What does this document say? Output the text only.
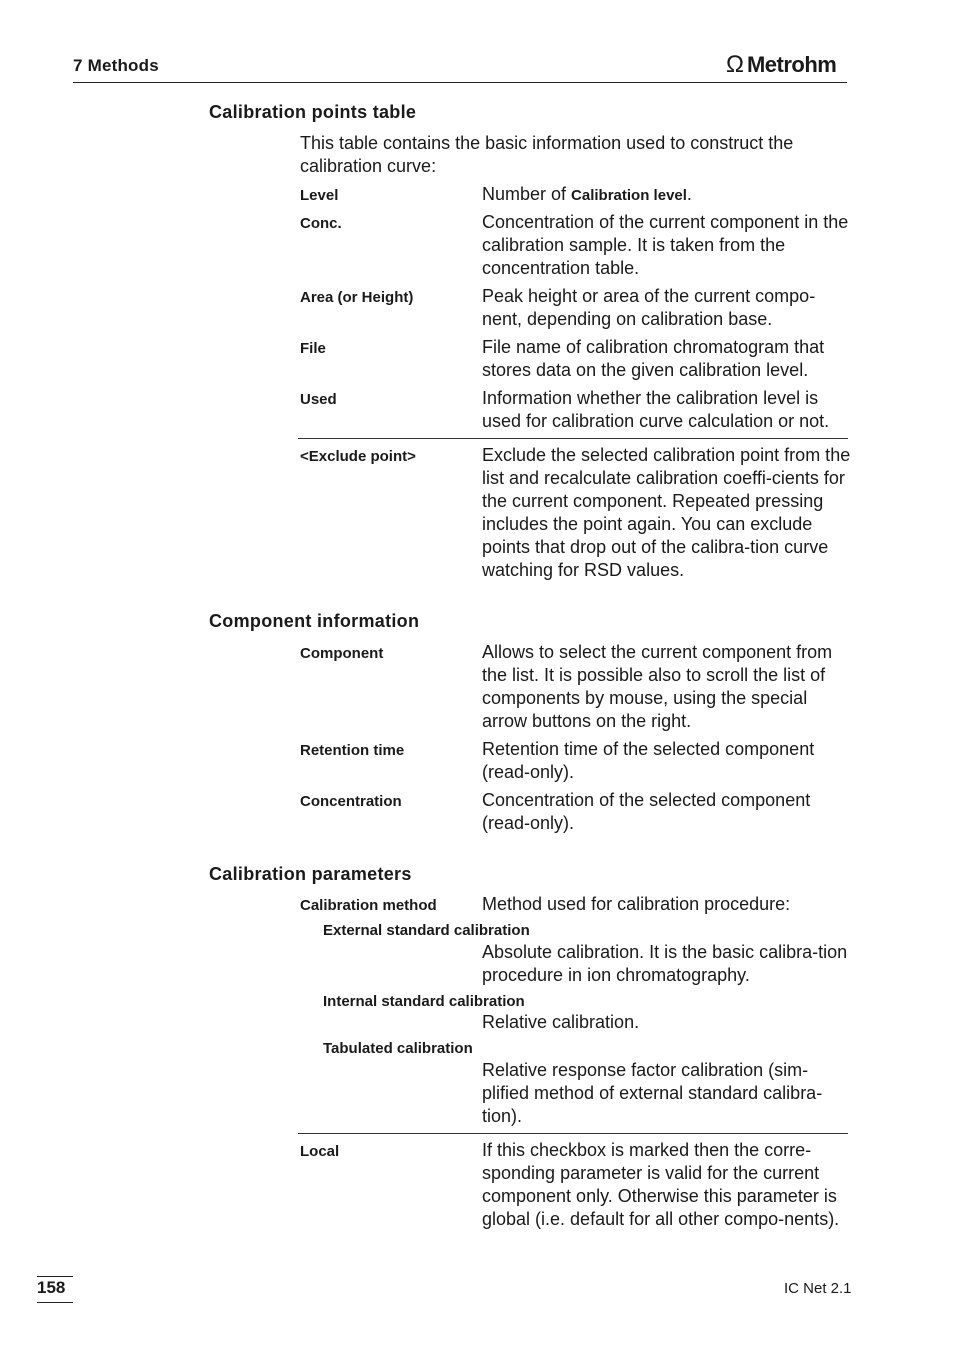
7 Methods	Ω Metrohm
Calibration points table
This table contains the basic information used to construct the calibration curve:
Level	Number of Calibration level.
Conc.	Concentration of the current component in the calibration sample. It is taken from the concentration table.
Area (or Height)	Peak height or area of the current compo-nent, depending on calibration base.
File	File name of calibration chromatogram that stores data on the given calibration level.
Used	Information whether the calibration level is used for calibration curve calculation or not.
<Exclude point>	Exclude the selected calibration point from the list and recalculate calibration coeffi-cients for the current component. Repeated pressing includes the point again. You can exclude points that drop out of the calibra-tion curve watching for RSD values.
Component information
Component	Allows to select the current component from the list. It is possible also to scroll the list of components by mouse, using the special arrow buttons on the right.
Retention time	Retention time of the selected component (read-only).
Concentration	Concentration of the selected component (read-only).
Calibration parameters
Calibration method	Method used for calibration procedure:
External standard calibration
Absolute calibration. It is the basic calibra-tion procedure in ion chromatography.
Internal standard calibration
Relative calibration.
Tabulated calibration
Relative response factor calibration (sim-plified method of external standard calibra-tion).
Local	If this checkbox is marked then the corre-sponding parameter is valid for the current component only. Otherwise this parameter is global (i.e. default for all other compo-nents).
158	IC Net 2.1
